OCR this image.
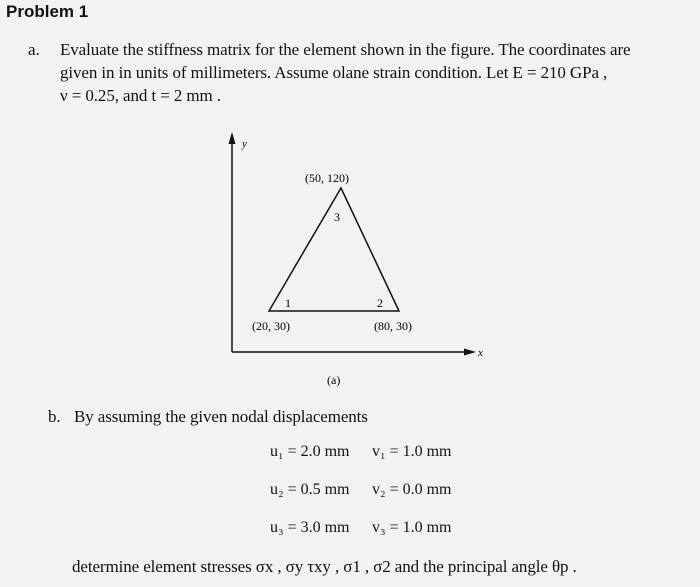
Problem 1
a. Evaluate the stiffness matrix for the element shown in the figure. The coordinates are
given in in units of millimeters. Assume olane strain condition. Let E = 210 GPa ,
ν = 0.25, and t = 2 mm .
y
x
1	2
3
(50, 120)
(20, 30)	(80, 30)
(a)
b. By assuming the given nodal displacements
u₁ = 2.0 mm v₁ = 1.0 mm
u₂ = 0.5 mm v₂ = 0.0 mm
u₃ = 3.0 mm v₃ = 1.0 mm
determine element stresses σx , σy τxy , σ1 , σ2 and the principal angle θp .
